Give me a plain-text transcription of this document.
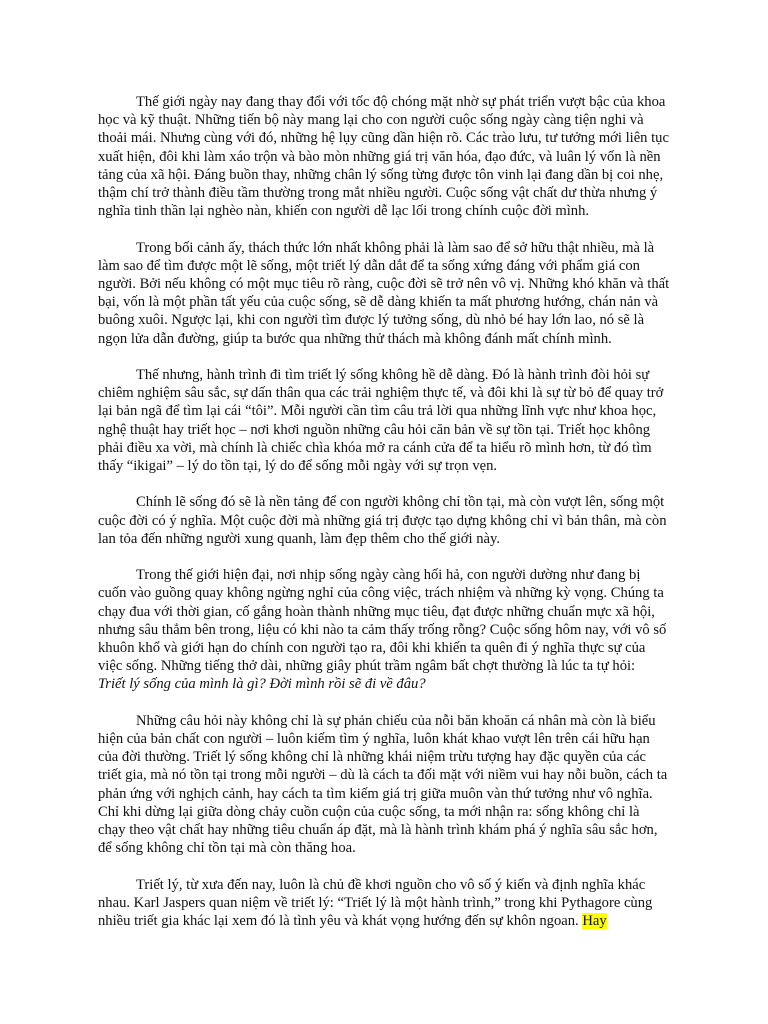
Thế giới ngày nay đang thay đổi với tốc độ chóng mặt nhờ sự phát triển vượt bậc của khoa học và kỹ thuật. Những tiến bộ này mang lại cho con người cuộc sống ngày càng tiện nghi và thoải mái. Nhưng cùng với đó, những hệ lụy cũng dần hiện rõ. Các trào lưu, tư tưởng mới liên tục xuất hiện, đôi khi làm xáo trộn và bào mòn những giá trị văn hóa, đạo đức, và luân lý vốn là nền tảng của xã hội. Đáng buồn thay, những chân lý sống từng được tôn vinh lại đang dần bị coi nhẹ, thậm chí trở thành điều tầm thường trong mắt nhiều người. Cuộc sống vật chất dư thừa nhưng ý nghĩa tinh thần lại nghèo nàn, khiến con người dễ lạc lối trong chính cuộc đời mình.

Trong bối cảnh ấy, thách thức lớn nhất không phải là làm sao để sở hữu thật nhiều, mà là làm sao để tìm được một lẽ sống, một triết lý dẫn dắt để ta sống xứng đáng với phẩm giá con người. Bởi nếu không có một mục tiêu rõ ràng, cuộc đời sẽ trở nên vô vị. Những khó khăn và thất bại, vốn là một phần tất yếu của cuộc sống, sẽ dễ dàng khiến ta mất phương hướng, chán nản và buông xuôi. Ngược lại, khi con người tìm được lý tưởng sống, dù nhỏ bé hay lớn lao, nó sẽ là ngọn lửa dẫn đường, giúp ta bước qua những thử thách mà không đánh mất chính mình.

Thế nhưng, hành trình đi tìm triết lý sống không hề dễ dàng. Đó là hành trình đòi hỏi sự chiêm nghiệm sâu sắc, sự dấn thân qua các trải nghiệm thực tế, và đôi khi là sự từ bỏ để quay trở lại bản ngã để tìm lại cái “tôi”. Mỗi người cần tìm câu trả lời qua những lĩnh vực như khoa học, nghệ thuật hay triết học – nơi khơi nguồn những câu hỏi căn bản về sự tồn tại. Triết học không phải điều xa vời, mà chính là chiếc chìa khóa mở ra cánh cửa để ta hiểu rõ mình hơn, từ đó tìm thấy “ikigai” – lý do tồn tại, lý do để sống mỗi ngày với sự trọn vẹn.

Chính lẽ sống đó sẽ là nền tảng để con người không chỉ tồn tại, mà còn vượt lên, sống một cuộc đời có ý nghĩa. Một cuộc đời mà những giá trị được tạo dựng không chỉ vì bản thân, mà còn lan tỏa đến những người xung quanh, làm đẹp thêm cho thế giới này.

Trong thế giới hiện đại, nơi nhịp sống ngày càng hối hả, con người dường như đang bị cuốn vào guồng quay không ngừng nghỉ của công việc, trách nhiệm và những kỳ vọng. Chúng ta chạy đua với thời gian, cố gắng hoàn thành những mục tiêu, đạt được những chuẩn mực xã hội, nhưng sâu thẳm bên trong, liệu có khi nào ta cảm thấy trống rỗng? Cuộc sống hôm nay, với vô số khuôn khổ và giới hạn do chính con người tạo ra, đôi khi khiến ta quên đi ý nghĩa thực sự của việc sống. Những tiếng thở dài, những giây phút trầm ngâm bất chợt thường là lúc ta tự hỏi:
Triết lý sống của mình là gì? Đời mình rồi sẽ đi về đâu?

Những câu hỏi này không chỉ là sự phản chiếu của nỗi băn khoăn cá nhân mà còn là biểu hiện của bản chất con người – luôn kiếm tìm ý nghĩa, luôn khát khao vượt lên trên cái hữu hạn của đời thường. Triết lý sống không chỉ là những khái niệm trừu tượng hay đặc quyền của các triết gia, mà nó tồn tại trong mỗi người – dù là cách ta đối mặt với niềm vui hay nỗi buồn, cách ta phản ứng với nghịch cảnh, hay cách ta tìm kiếm giá trị giữa muôn vàn thứ tưởng như vô nghĩa. Chỉ khi dừng lại giữa dòng chảy cuồn cuộn của cuộc sống, ta mới nhận ra: sống không chỉ là chạy theo vật chất hay những tiêu chuẩn áp đặt, mà là hành trình khám phá ý nghĩa sâu sắc hơn, để sống không chỉ tồn tại mà còn thăng hoa.

Triết lý, từ xưa đến nay, luôn là chủ đề khơi nguồn cho vô số ý kiến và định nghĩa khác nhau. Karl Jaspers quan niệm về triết lý: “Triết lý là một hành trình,” trong khi Pythagore cùng nhiều triết gia khác lại xem đó là tình yêu và khát vọng hướng đến sự khôn ngoan. Hay
